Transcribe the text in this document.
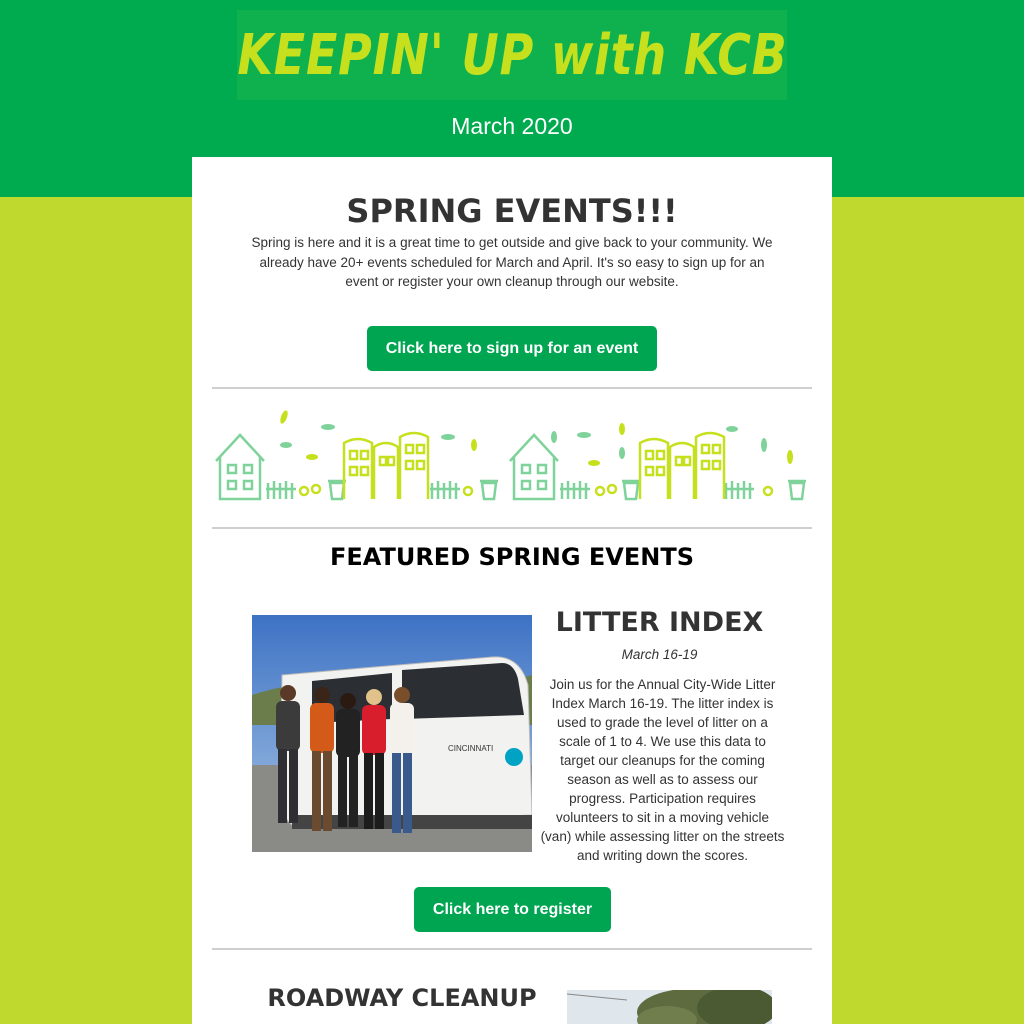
KEEPIN' UP with KCB
March 2020
SPRING EVENTS!!!

Spring is here and it is a great time to get outside and give back to your community. We already have 20+ events scheduled for March and April. It's so easy to sign up for an event or register your own cleanup through our website.

Click here to sign up for an event
FEATURED SPRING EVENTS
CINCINNATI
LITTER INDEX
March 16-19

Join us for the Annual City-Wide Litter Index March 16-19. The litter index is used to grade the level of litter on a scale of 1 to 4. We use this data to target our cleanups for the coming season as well as to assess our progress. Participation requires volunteers to sit in a moving vehicle (van) while assessing litter on the streets and writing down the scores.

Click here to register
ROADWAY CLEANUP
